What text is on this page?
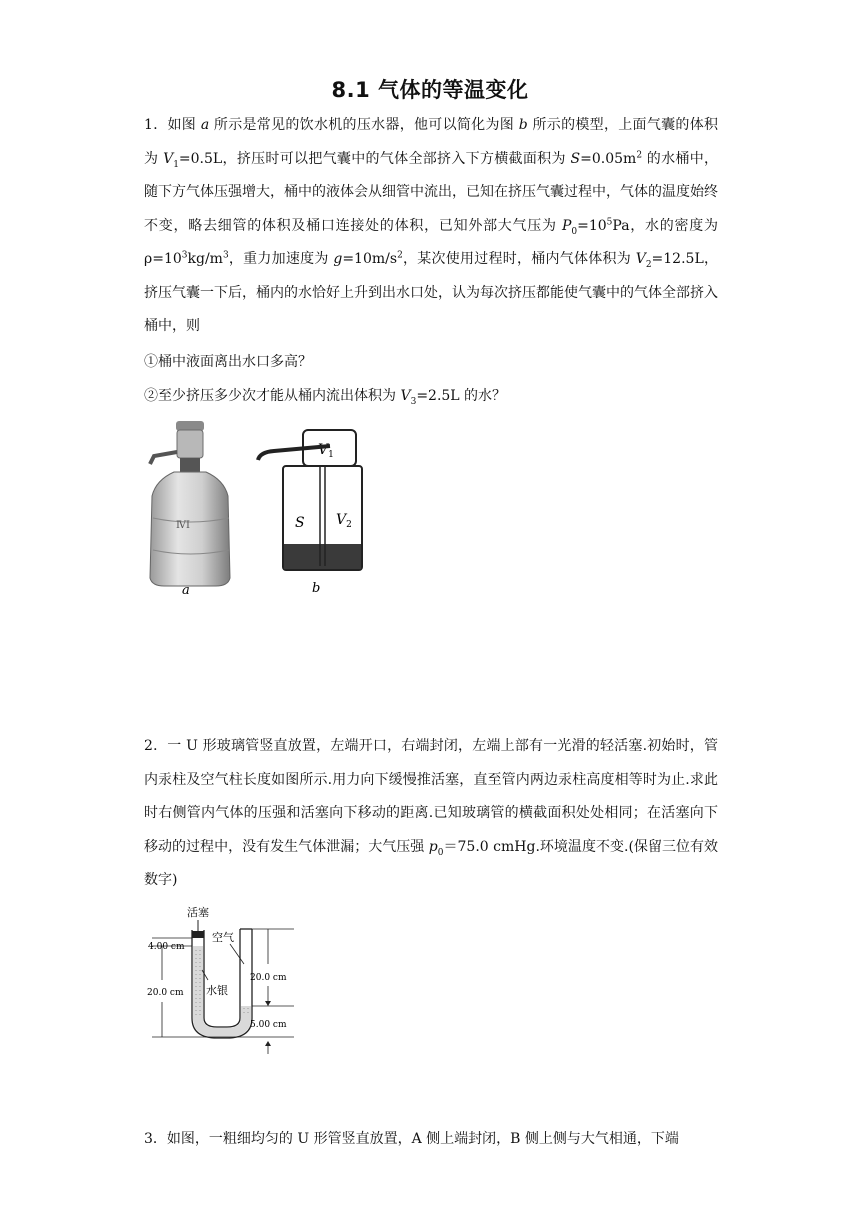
8.1 气体的等温变化
1．如图 a 所示是常见的饮水机的压水器，他可以简化为图 b 所示的模型，上面气囊的体积为 $V_1=0.5L$，挤压时可以把气囊中的气体全部挤入下方横截面积为 $S=0.05m^2$ 的水桶中，随下方气体压强增大，桶中的液体会从细管中流出，已知在挤压气囊过程中，气体的温度始终不变，略去细管的体积及桶口连接处的体积，已知外部大气压为 $P_0=10^5Pa$，水的密度为$\rho=10^3kg/m^3$，重力加速度为 $g=10m/s^2$，某次使用过程时，桶内气体体积为 $V_2=12.5L$，挤压气囊一下后，桶内的水恰好上升到出水口处，认为每次挤压都能使气囊中的气体全部挤入桶中，则
①桶中液面离出水口多高？
②至少挤压多少次才能从桶内流出体积为 $V_3=2.5L$ 的水？
ⅣI
a
$V_1$
S $V_2$
b
2．一 U 形玻璃管竖直放置，左端开口，右端封闭，左端上部有一光滑的轻活塞.初始时，管内汞柱及空气柱长度如图所示.用力向下缓慢推活塞，直至管内两边汞柱高度相等时为止.求此时右侧管内气体的压强和活塞向下移动的距离.已知玻璃管的横截面积处处相同；在活塞向下移动的过程中，没有发生气体泄漏；大气压强 $p_0=75.0$ cmHg.环境温度不变.(保留三位有效数字)
活塞
空气
水银
4.00 cm
20.0 cm
20.0 cm
5.00 cm
3．如图，一粗细均匀的 U 形管竖直放置，A 侧上端封闭，B 侧上侧与大气相通，下端
